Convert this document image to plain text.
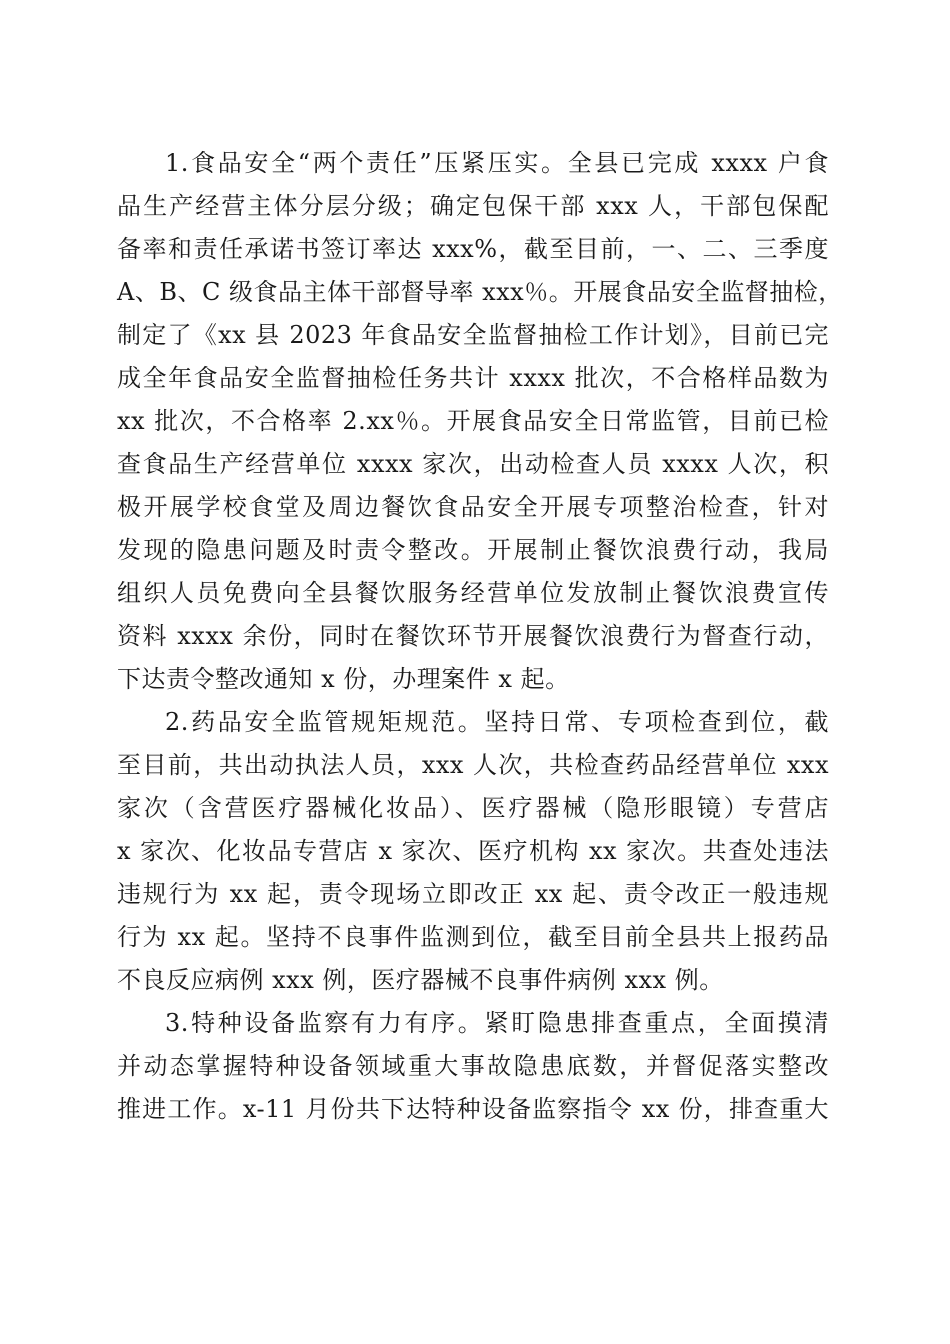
1.食品安全“两个责任”压紧压实。全县已完成 xxxx 户食
品生产经营主体分层分级；确定包保干部 xxx 人，干部包保配
备率和责任承诺书签订率达 xxx%，截至目前，一、二、三季度
A、B、C 级食品主体干部督导率 xxx％。开展食品安全监督抽检，
制定了《xx 县 2023 年食品安全监督抽检工作计划》，目前已完
成全年食品安全监督抽检任务共计 xxxx 批次，不合格样品数为
xx 批次，不合格率 2.xx％。开展食品安全日常监管，目前已检
查食品生产经营单位 xxxx 家次，出动检查人员 xxxx 人次，积
极开展学校食堂及周边餐饮食品安全开展专项整治检查，针对
发现的隐患问题及时责令整改。开展制止餐饮浪费行动，我局
组织人员免费向全县餐饮服务经营单位发放制止餐饮浪费宣传
资料 xxxx 余份，同时在餐饮环节开展餐饮浪费行为督查行动，
下达责令整改通知 x 份，办理案件 x 起。
2.药品安全监管规矩规范。坚持日常、专项检查到位，截
至目前，共出动执法人员，xxx 人次，共检查药品经营单位 xxx
家次（含营医疗器械化妆品）、医疗器械（隐形眼镜）专营店
x 家次、化妆品专营店 x 家次、医疗机构 xx 家次。共查处违法
违规行为 xx 起，责令现场立即改正 xx 起、责令改正一般违规
行为 xx 起。坚持不良事件监测到位，截至目前全县共上报药品
不良反应病例 xxx 例，医疗器械不良事件病例 xxx 例。
3.特种设备监察有力有序。紧盯隐患排查重点，全面摸清
并动态掌握特种设备领域重大事故隐患底数，并督促落实整改
推进工作。x-11 月份共下达特种设备监察指令 xx 份，排查重大
